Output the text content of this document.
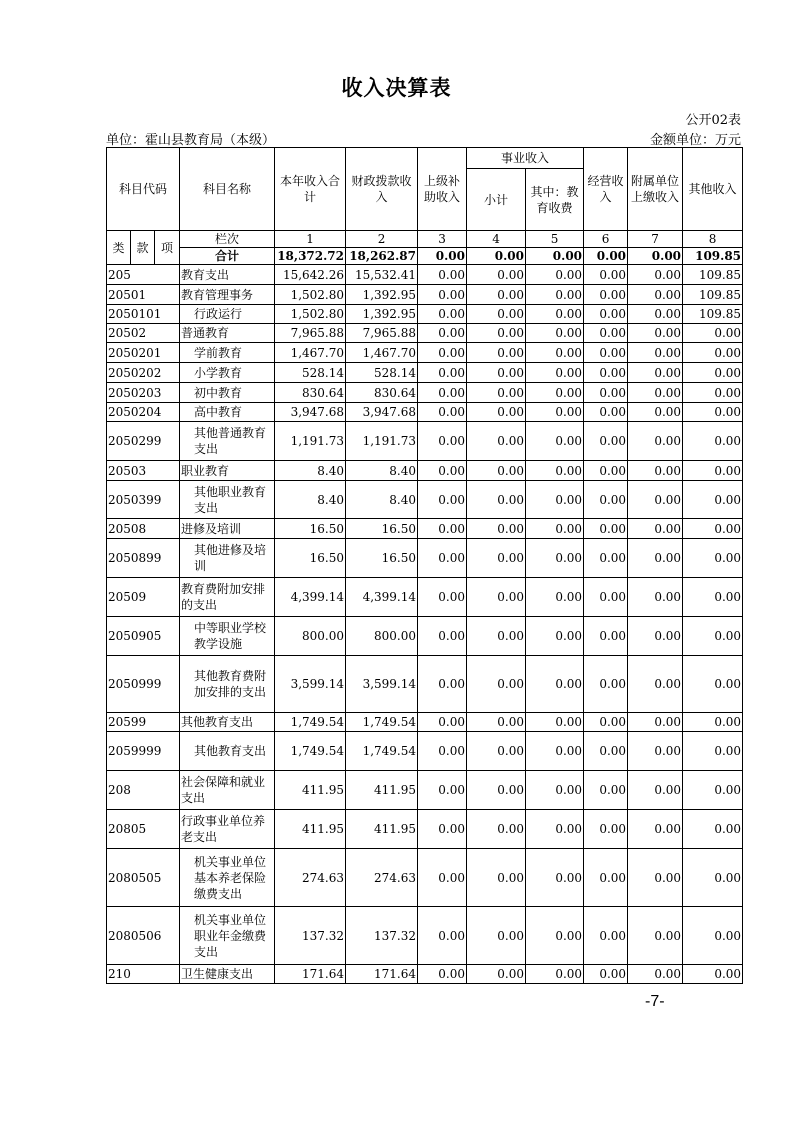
收入决算表
公开02表
单位：霍山县教育局（本级）	金额单位：万元
科目代码			科目名称	本年收入合计	财政拨款收入	上级补助收入	事业收入		经营收入	附属单位上缴收入	其他收入
							小计	其中：教育收费			
类	款	项	栏次	1	2	3	4	5	6	7	8
			合计	18,372.72	18,262.87	0.00	0.00	0.00	0.00	0.00	109.85
205			教育支出	15,642.26	15,532.41	0.00	0.00	0.00	0.00	0.00	109.85
20501			教育管理事务	1,502.80	1,392.95	0.00	0.00	0.00	0.00	0.00	109.85
2050101			行政运行	1,502.80	1,392.95	0.00	0.00	0.00	0.00	0.00	109.85
20502			普通教育	7,965.88	7,965.88	0.00	0.00	0.00	0.00	0.00	0.00
2050201			学前教育	1,467.70	1,467.70	0.00	0.00	0.00	0.00	0.00	0.00
2050202			小学教育	528.14	528.14	0.00	0.00	0.00	0.00	0.00	0.00
2050203			初中教育	830.64	830.64	0.00	0.00	0.00	0.00	0.00	0.00
2050204			高中教育	3,947.68	3,947.68	0.00	0.00	0.00	0.00	0.00	0.00
2050299			其他普通教育支出	1,191.73	1,191.73	0.00	0.00	0.00	0.00	0.00	0.00
20503			职业教育	8.40	8.40	0.00	0.00	0.00	0.00	0.00	0.00
2050399			其他职业教育支出	8.40	8.40	0.00	0.00	0.00	0.00	0.00	0.00
20508			进修及培训	16.50	16.50	0.00	0.00	0.00	0.00	0.00	0.00
2050899			其他进修及培训	16.50	16.50	0.00	0.00	0.00	0.00	0.00	0.00
20509			教育费附加安排的支出	4,399.14	4,399.14	0.00	0.00	0.00	0.00	0.00	0.00
2050905			中等职业学校教学设施	800.00	800.00	0.00	0.00	0.00	0.00	0.00	0.00
2050999			其他教育费附加安排的支出	3,599.14	3,599.14	0.00	0.00	0.00	0.00	0.00	0.00
20599			其他教育支出	1,749.54	1,749.54	0.00	0.00	0.00	0.00	0.00	0.00
2059999			其他教育支出	1,749.54	1,749.54	0.00	0.00	0.00	0.00	0.00	0.00
208			社会保障和就业支出	411.95	411.95	0.00	0.00	0.00	0.00	0.00	0.00
20805			行政事业单位养老支出	411.95	411.95	0.00	0.00	0.00	0.00	0.00	0.00
2080505			机关事业单位基本养老保险缴费支出	274.63	274.63	0.00	0.00	0.00	0.00	0.00	0.00
2080506			机关事业单位职业年金缴费支出	137.32	137.32	0.00	0.00	0.00	0.00	0.00	0.00
210			卫生健康支出	171.64	171.64	0.00	0.00	0.00	0.00	0.00	0.00
-7-
